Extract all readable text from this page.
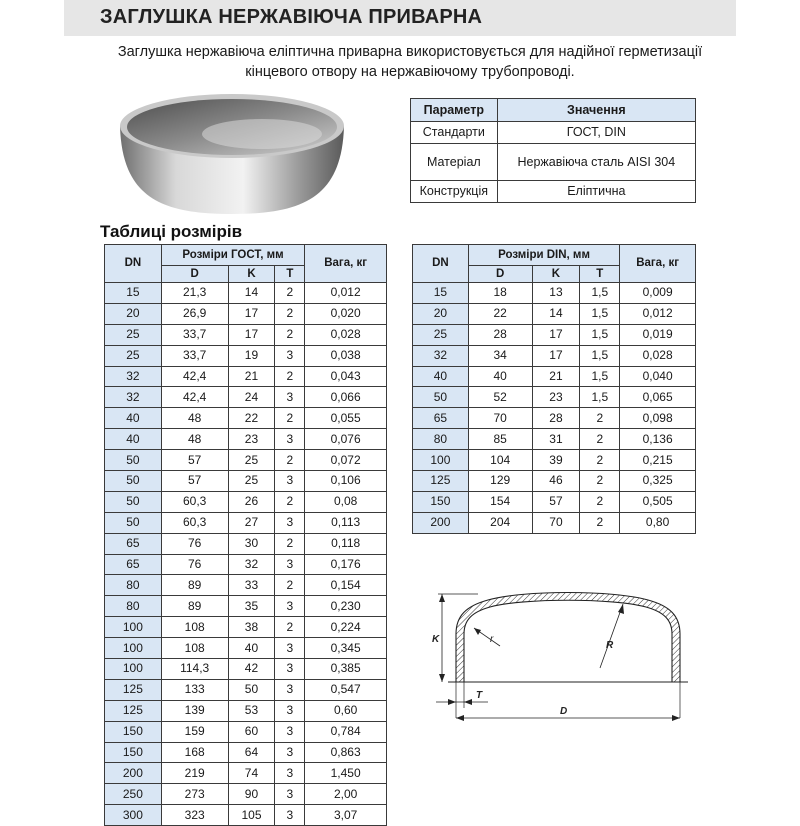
ЗАГЛУШКА НЕРЖАВІЮЧА ПРИВАРНА

Заглушка нержавіюча еліптична приварна використовується для надійної герметизації кінцевого отвору на нержавіючому трубопроводі.

Параметр	Значення
Стандарти	ГОСТ, DIN
Матеріал	Нержавіюча сталь AISI 304
Конструкція	Еліптична
Таблиці розмірів
DN	Розміри ГОСТ, мм			Вага, кг
	D	K	T	
15	21,3	14	2	0,012
20	26,9	17	2	0,020
25	33,7	17	2	0,028
25	33,7	19	3	0,038
32	42,4	21	2	0,043
32	42,4	24	3	0,066
40	48	22	2	0,055
40	48	23	3	0,076
50	57	25	2	0,072
50	57	25	3	0,106
50	60,3	26	2	0,08
50	60,3	27	3	0,113
65	76	30	2	0,118
65	76	32	3	0,176
80	89	33	2	0,154
80	89	35	3	0,230
100	108	38	2	0,224
100	108	40	3	0,345
100	114,3	42	3	0,385
125	133	50	3	0,547
125	139	53	3	0,60
150	159	60	3	0,784
150	168	64	3	0,863
200	219	74	3	1,450
250	273	90	3	2,00
300	323	105	3	3,07
DN	Розміри DIN, мм			Вага, кг
	D	K	T	
15	18	13	1,5	0,009
20	22	14	1,5	0,012
25	28	17	1,5	0,019
32	34	17	1,5	0,028
40	40	21	1,5	0,040
50	52	23	1,5	0,065
65	70	28	2	0,098
80	85	31	2	0,136
100	104	39	2	0,215
125	129	46	2	0,325
150	154	57	2	0,505
200	204	70	2	0,80
K	r
R
T
D
